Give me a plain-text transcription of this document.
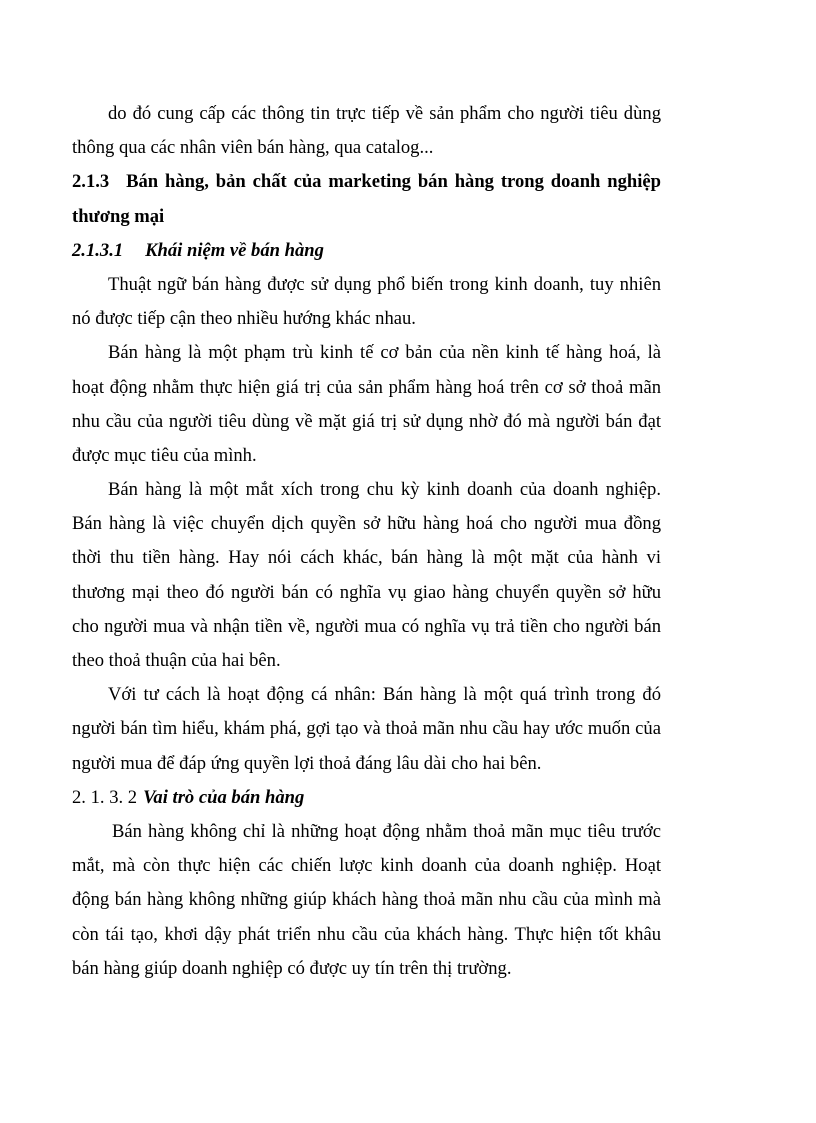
do đó cung cấp các thông tin trực tiếp về sản phẩm cho người tiêu dùng
thông qua các nhân viên bán hàng, qua catalog...
2.1.3 Bán hàng, bản chất của marketing bán hàng trong doanh nghiệp
thương mại
2.1.3.1 Khái niệm về bán hàng
Thuật ngữ bán hàng được sử dụng phổ biến trong kinh doanh, tuy nhiên
nó được tiếp cận theo nhiều hướng khác nhau.
Bán hàng là một phạm trù kinh tế cơ bản của nền kinh tế hàng hoá, là
hoạt động nhằm thực hiện giá trị của sản phẩm hàng hoá trên cơ sở thoả mãn
nhu cầu của người tiêu dùng về mặt giá trị sử dụng nhờ đó mà người bán đạt
được mục tiêu của mình.
Bán hàng là một mắt xích trong chu kỳ kinh doanh của doanh nghiệp.
Bán hàng là việc chuyển dịch quyền sở hữu hàng hoá cho người mua đồng
thời thu tiền hàng. Hay nói cách khác, bán hàng là một mặt của hành vi
thương mại theo đó người bán có nghĩa vụ giao hàng chuyển quyền sở hữu
cho người mua và nhận tiền về, người mua có nghĩa vụ trả tiền cho người bán
theo thoả thuận của hai bên.
Với tư cách là hoạt động cá nhân: Bán hàng là một quá trình trong đó
người bán tìm hiểu, khám phá, gợi tạo và thoả mãn nhu cầu hay ước muốn của
người mua để đáp ứng quyền lợi thoả đáng lâu dài cho hai bên.
2. 1. 3. 2 Vai trò của bán hàng
Bán hàng không chỉ là những hoạt động nhằm thoả mãn mục tiêu trước
mắt, mà còn thực hiện các chiến lược kinh doanh của doanh nghiệp. Hoạt
động bán hàng không những giúp khách hàng thoả mãn nhu cầu của mình mà
còn tái tạo, khơi dậy phát triển nhu cầu của khách hàng. Thực hiện tốt khâu
bán hàng giúp doanh nghiệp có được uy tín trên thị trường.
